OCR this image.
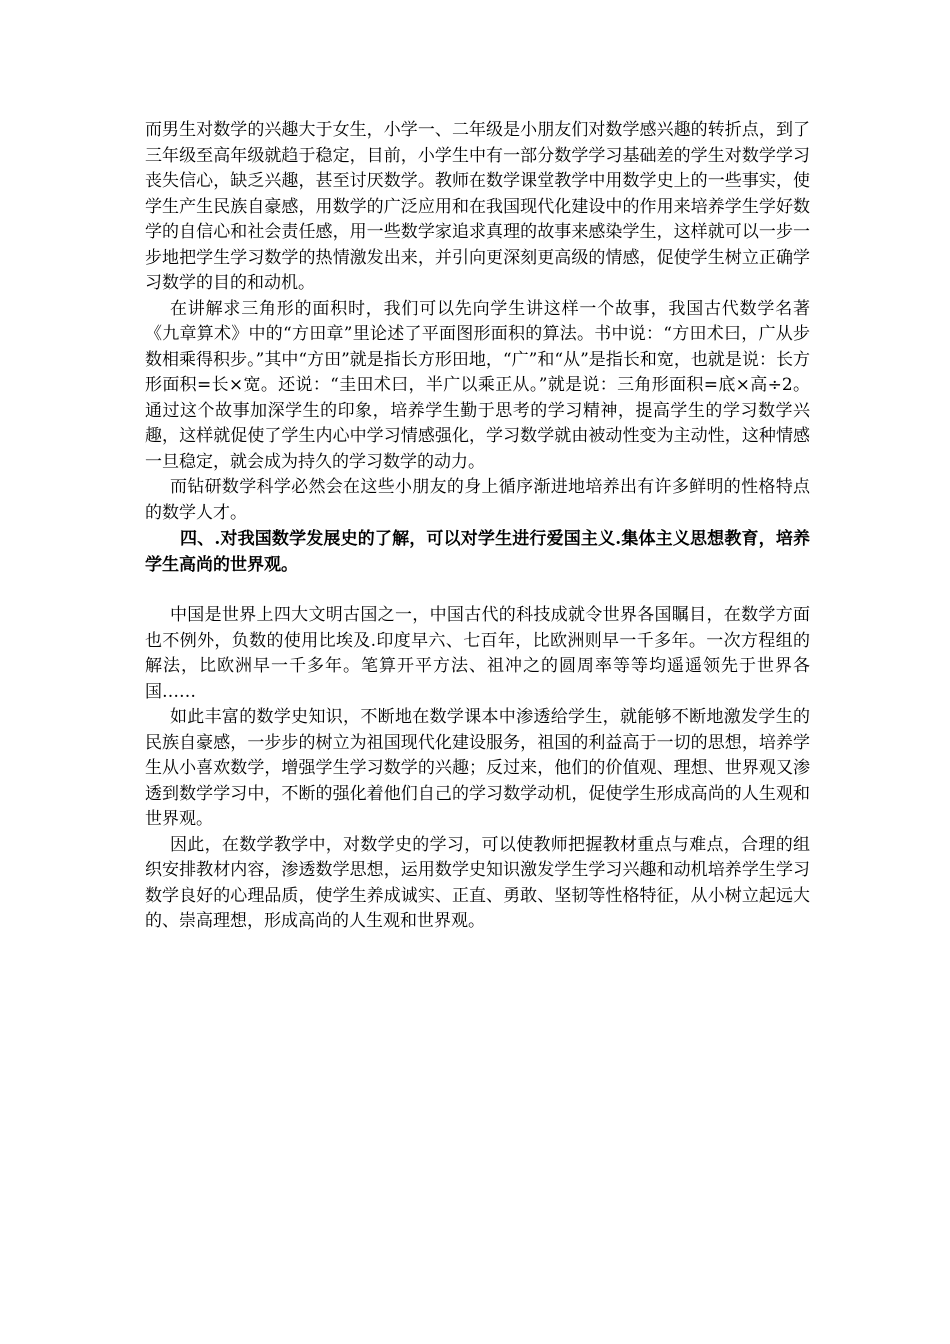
而男生对数学的兴趣大于女生，小学一、二年级是小朋友们对数学感兴趣的转折点，到了三年级至高年级就趋于稳定，目前，小学生中有一部分数学学习基础差的学生对数学学习丧失信心，缺乏兴趣，甚至讨厌数学。教师在数学课堂教学中用数学史上的一些事实，使学生产生民族自豪感，用数学的广泛应用和在我国现代化建设中的作用来培养学生学好数学的自信心和社会责任感，用一些数学家追求真理的故事来感染学生，这样就可以一步一步地把学生学习数学的热情激发出来，并引向更深刻更高级的情感，促使学生树立正确学习数学的目的和动机。

在讲解求三角形的面积时，我们可以先向学生讲这样一个故事，我国古代数学名著《九章算术》中的“方田章”里论述了平面图形面积的算法。书中说：“方田术曰，广从步数相乘得积步。”其中“方田”就是指长方形田地，“广”和“从”是指长和宽，也就是说：长方形面积=长×宽。还说：“圭田术曰，半广以乘正从。”就是说：三角形面积=底×高÷2。通过这个故事加深学生的印象，培养学生勤于思考的学习精神，提高学生的学习数学兴趣，这样就促使了学生内心中学习情感强化，学习数学就由被动性变为主动性，这种情感一旦稳定，就会成为持久的学习数学的动力。

而钻研数学科学必然会在这些小朋友的身上循序渐进地培养出有许多鲜明的性格特点的数学人才。

四、.对我国数学发展史的了解，可以对学生进行爱国主义.集体主义思想教育，培养学生高尚的世界观。

中国是世界上四大文明古国之一，中国古代的科技成就令世界各国瞩目，在数学方面也不例外，负数的使用比埃及.印度早六、七百年，比欧洲则早一千多年。一次方程组的解法，比欧洲早一千多年。笔算开平方法、祖冲之的圆周率等等均遥遥领先于世界各国……

如此丰富的数学史知识，不断地在数学课本中渗透给学生，就能够不断地激发学生的民族自豪感，一步步的树立为祖国现代化建设服务，祖国的利益高于一切的思想，培养学生从小喜欢数学，增强学生学习数学的兴趣；反过来，他们的价值观、理想、世界观又渗透到数学学习中，不断的强化着他们自己的学习数学动机，促使学生形成高尚的人生观和世界观。

因此，在数学教学中，对数学史的学习，可以使教师把握教材重点与难点，合理的组织安排教材内容，渗透数学思想，运用数学史知识激发学生学习兴趣和动机培养学生学习数学良好的心理品质，使学生养成诚实、正直、勇敢、坚韧等性格特征，从小树立起远大的、崇高理想，形成高尚的人生观和世界观。
